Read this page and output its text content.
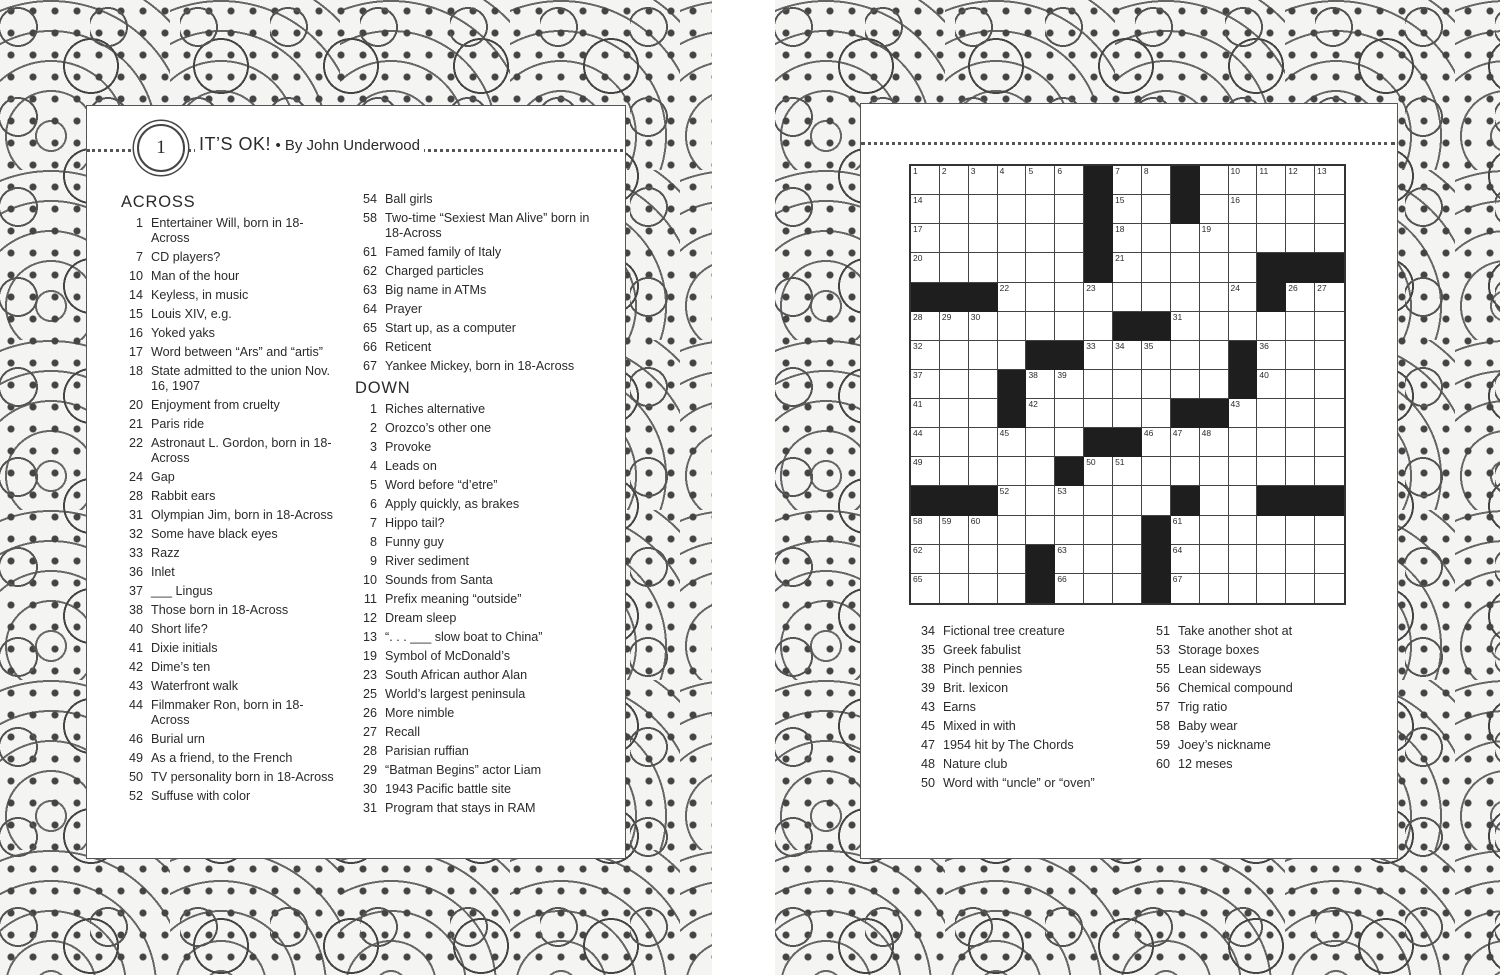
1	IT’S OK! • By John Underwood
ACROSS
1 Entertainer Will, born in 18-Across
7 CD players?
10 Man of the hour
14 Keyless, in music
15 Louis XIV, e.g.
16 Yoked yaks
17 Word between “Ars” and “artis”
18 State admitted to the union Nov. 16, 1907
20 Enjoyment from cruelty
21 Paris ride
22 Astronaut L. Gordon, born in 18-Across
24 Gap
28 Rabbit ears
31 Olympian Jim, born in 18-Across
32 Some have black eyes
33 Razz
36 Inlet
37 ___ Lingus
38 Those born in 18-Across
40 Short life?
41 Dixie initials
42 Dime’s ten
43 Waterfront walk
44 Filmmaker Ron, born in 18-Across
46 Burial urn
49 As a friend, to the French
50 TV personality born in 18-Across
52 Suffuse with color
54 Ball girls
58 Two-time “Sexiest Man Alive” born in 18-Across
61 Famed family of Italy
62 Charged particles
63 Big name in ATMs
64 Prayer
65 Start up, as a computer
66 Reticent
67 Yankee Mickey, born in 18-Across
DOWN
1 Riches alternative
2 Orozco’s other one
3 Provoke
4 Leads on
5 Word before “d’etre”
6 Apply quickly, as brakes
7 Hippo tail?
8 Funny guy
9 River sediment
10 Sounds from Santa
11 Prefix meaning “outside”
12 Dream sleep
13 “. . . ___ slow boat to China”
19 Symbol of McDonald’s
23 South African author Alan
25 World’s largest peninsula
26 More nimble
27 Recall
28 Parisian ruffian
29 “Batman Begins” actor Liam
30 1943 Pacific battle site
31 Program that stays in RAM
1	2	3	4	5	6	7	8	10 11 12 13
14	15	16
17	18	19
20	21
22	23	24	26 27
28 29 30	31
32	33 34 35	36
37	38 39	40
41	42	43
44	45	46 47 48
49	50 51
52	53
58 59 60	61
62	63	64
65	66	67
34 Fictional tree creature
35 Greek fabulist
38 Pinch pennies
39 Brit. lexicon
43 Earns
45 Mixed in with
47 1954 hit by The Chords
48 Nature club
50 Word with “uncle” or “oven”
51 Take another shot at
53 Storage boxes
55 Lean sideways
56 Chemical compound
57 Trig ratio
58 Baby wear
59 Joey’s nickname
60 12 meses
